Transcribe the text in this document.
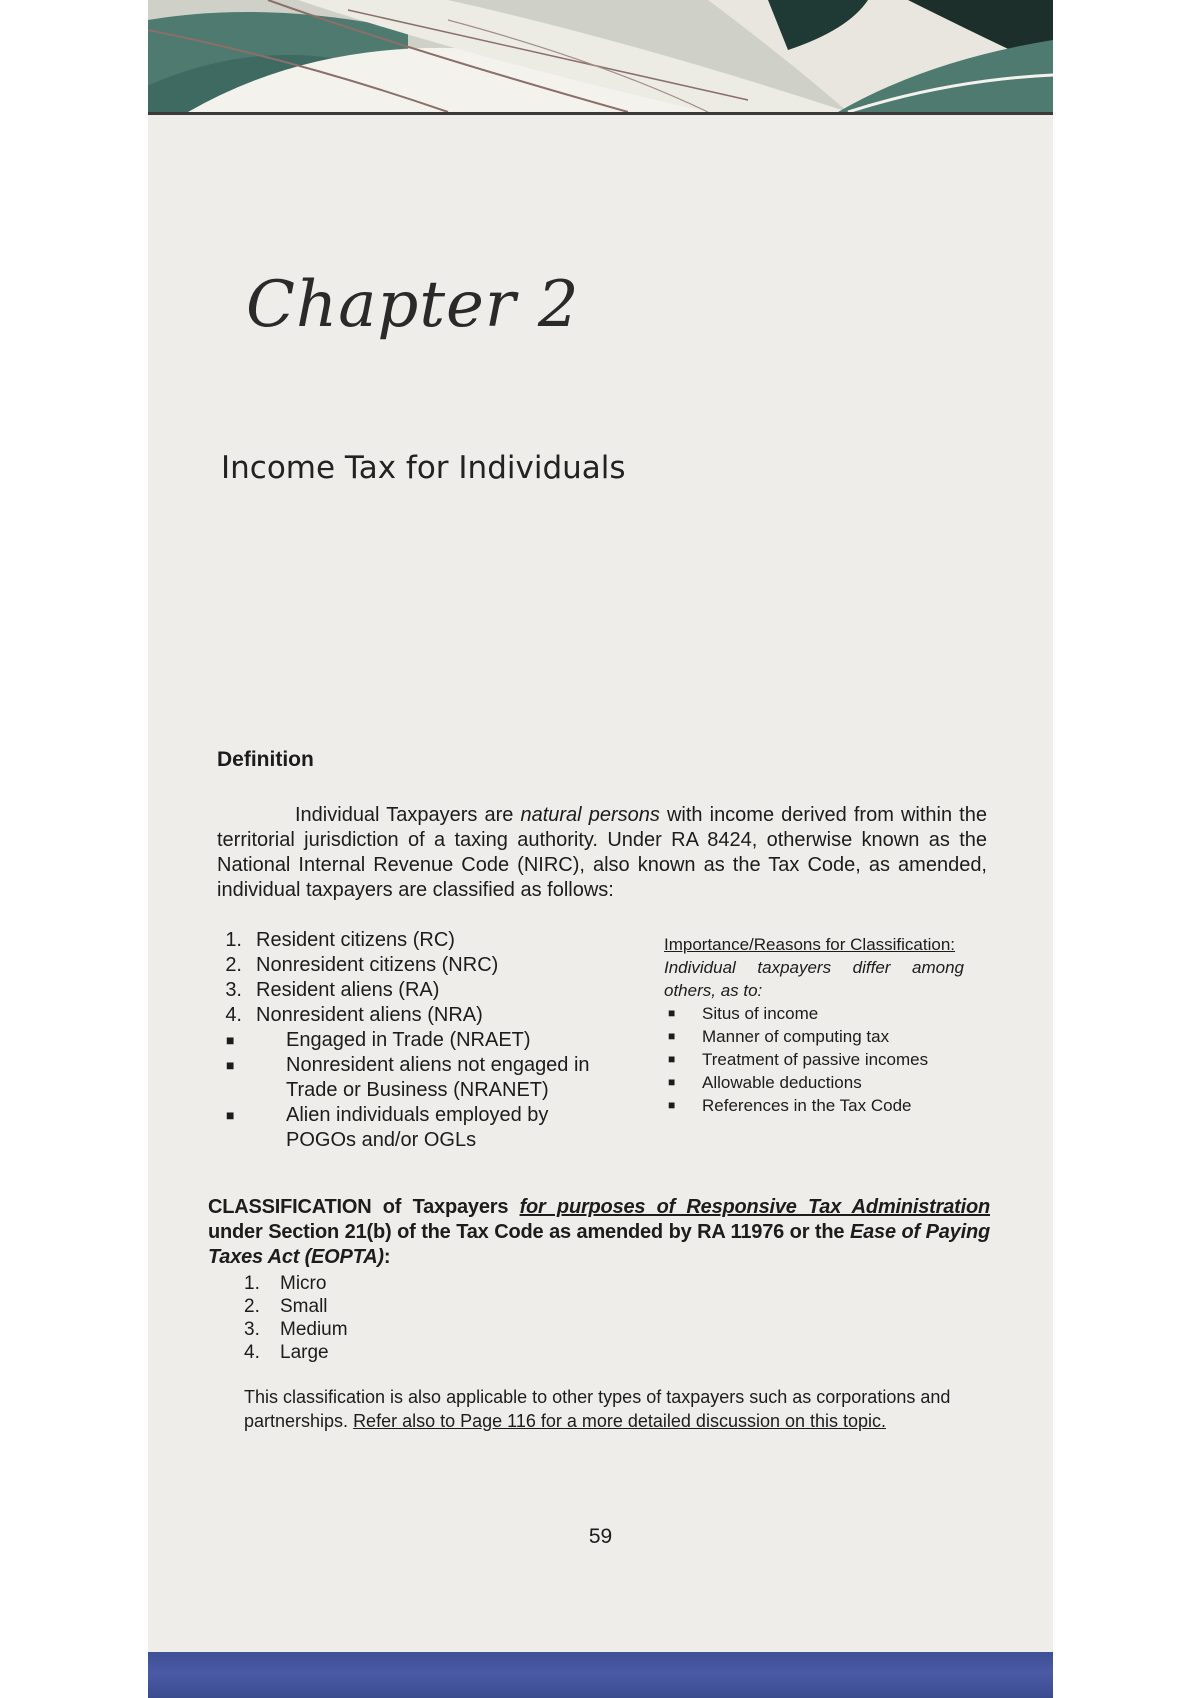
Chapter 2
Income Tax for Individuals
Definition

Individual Taxpayers are natural persons with income derived from within the territorial jurisdiction of a taxing authority. Under RA 8424, otherwise known as the National Internal Revenue Code (NIRC), also known as the Tax Code, as amended, individual taxpayers are classified as follows:

1. Resident citizens (RC)
2. Nonresident citizens (NRC)
3. Resident aliens (RA)
4. Nonresident aliens (NRA)
■	Engaged in Trade (NRAET)
■	Nonresident aliens not engaged in
Trade or Business (NRANET)
■	Alien individuals employed by
POGOs and/or OGLs
Importance/Reasons for Classification:
Individual taxpayers differ among
others, as to:
■	Situs of income
■	Manner of computing tax
■	Treatment of passive incomes
■	Allowable deductions
■	References in the Tax Code

CLASSIFICATION of Taxpayers for purposes of Responsive Tax Administration under Section 21(b) of the Tax Code as amended by RA 11976 or the Ease of Paying Taxes Act (EOPTA):

1.	Micro
2.	Small
3.	Medium
4.	Large

This classification is also applicable to other types of taxpayers such as corporations and partnerships. Refer also to Page 116 for a more detailed discussion on this topic.

59
